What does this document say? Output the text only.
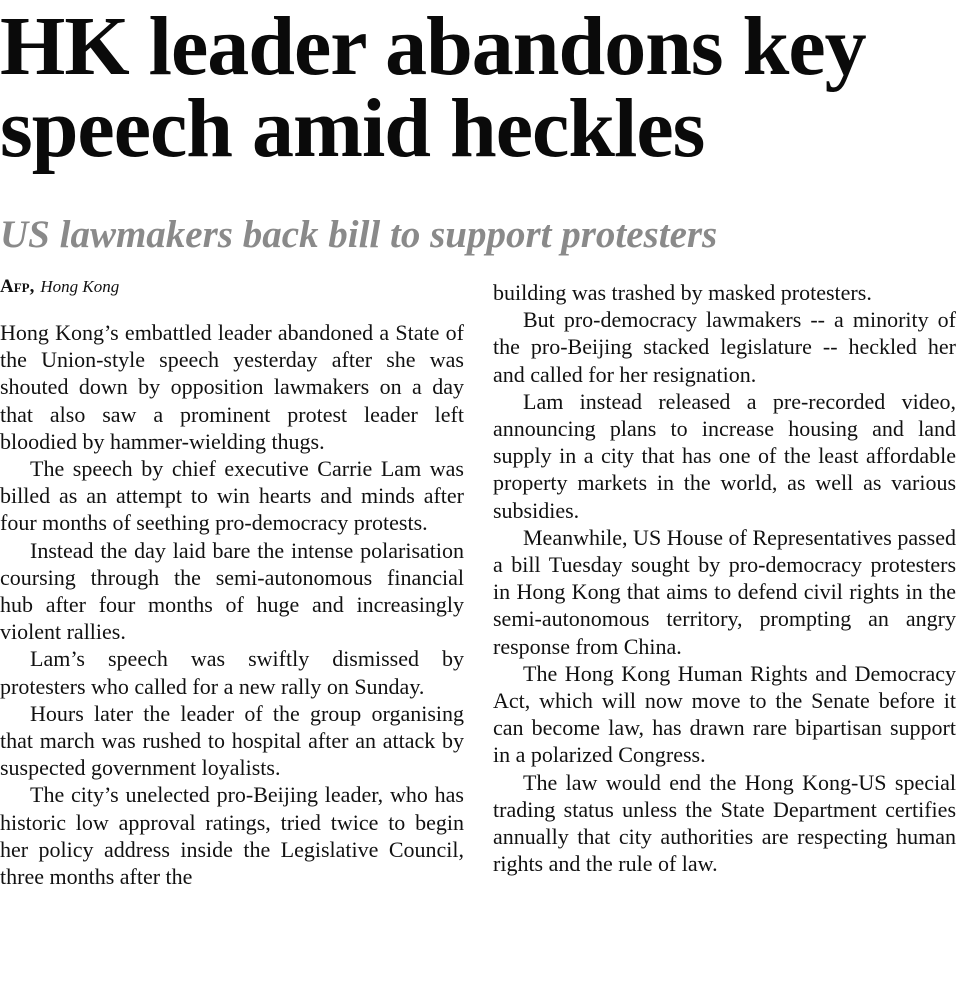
HK leader abandons key speech amid heckles
US lawmakers back bill to support protesters
Afp, Hong Kong

Hong Kong’s embattled leader abandoned a State of the Union-style speech yesterday after she was shouted down by opposition lawmakers on a day that also saw a prominent protest leader left bloodied by hammer-wielding thugs.

The speech by chief executive Carrie Lam was billed as an attempt to win hearts and minds after four months of seething pro-democracy protests.

Instead the day laid bare the intense polarisation coursing through the semi-autonomous financial hub after four months of huge and increasingly violent rallies.

Lam’s speech was swiftly dismissed by protesters who called for a new rally on Sunday.

Hours later the leader of the group organising that march was rushed to hospital after an attack by suspected government loyalists.

The city’s unelected pro-Beijing leader, who has historic low approval ratings, tried twice to begin her policy address inside the Legislative Council, three months after the

building was trashed by masked protesters.

But pro-democracy lawmakers -- a minority of the pro-Beijing stacked legislature -- heckled her and called for her resignation.

Lam instead released a pre-recorded video, announcing plans to increase housing and land supply in a city that has one of the least affordable property markets in the world, as well as various subsidies.

Meanwhile, US House of Representatives passed a bill Tuesday sought by pro-democracy protesters in Hong Kong that aims to defend civil rights in the semi-autonomous territory, prompting an angry response from China.

The Hong Kong Human Rights and Democracy Act, which will now move to the Senate before it can become law, has drawn rare bipartisan support in a polarized Congress.

The law would end the Hong Kong-US special trading status unless the State Department certifies annually that city authorities are respecting human rights and the rule of law.
